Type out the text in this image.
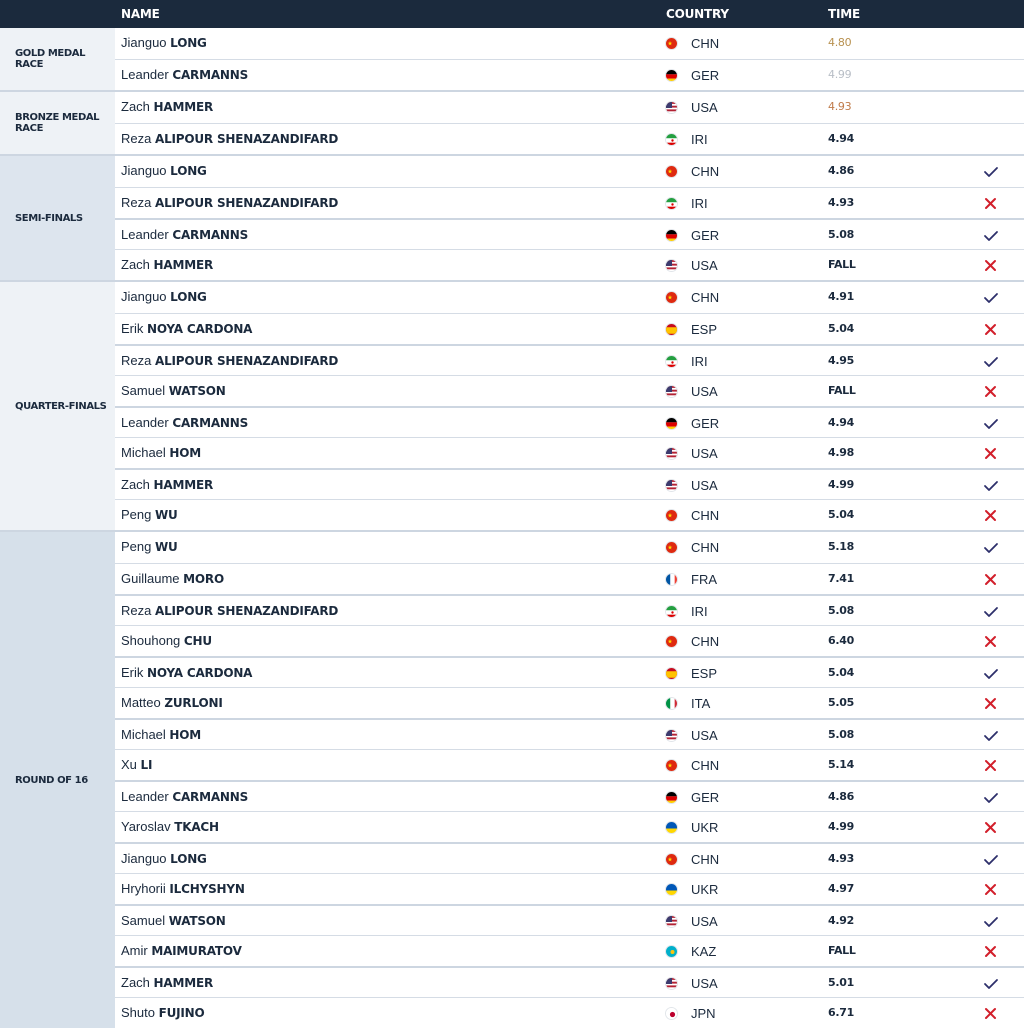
NAME	COUNTRY	TIME
GOLD MEDAL RACE
Jianguo LONG	CHN	4.80
Leander CARMANNS	GER	4.99
BRONZE MEDAL RACE
Zach HAMMER	USA	4.93
Reza ALIPOUR SHENAZANDIFARD	IRI	4.94
SEMI-FINALS
Jianguo LONG	CHN	4.86
Reza ALIPOUR SHENAZANDIFARD	IRI	4.93
Leander CARMANNS	GER	5.08
Zach HAMMER	USA	FALL
QUARTER-FINALS
Jianguo LONG	CHN	4.91
Erik NOYA CARDONA	ESP	5.04
Reza ALIPOUR SHENAZANDIFARD	IRI	4.95
Samuel WATSON	USA	FALL
Leander CARMANNS	GER	4.94
Michael HOM	USA	4.98
Zach HAMMER	USA	4.99
Peng WU	CHN	5.04
ROUND OF 16
Peng WU	CHN	5.18
Guillaume MORO	FRA	7.41
Reza ALIPOUR SHENAZANDIFARD	IRI	5.08
Shouhong CHU	CHN	6.40
Erik NOYA CARDONA	ESP	5.04
Matteo ZURLONI	ITA	5.05
Michael HOM	USA	5.08
Xu LI	CHN	5.14
Leander CARMANNS	GER	4.86
Yaroslav TKACH	UKR	4.99
Jianguo LONG	CHN	4.93
Hryhorii ILCHYSHYN	UKR	4.97
Samuel WATSON	USA	4.92
Amir MAIMURATOV	KAZ	FALL
Zach HAMMER	USA	5.01
Shuto FUJINO	JPN	6.71
